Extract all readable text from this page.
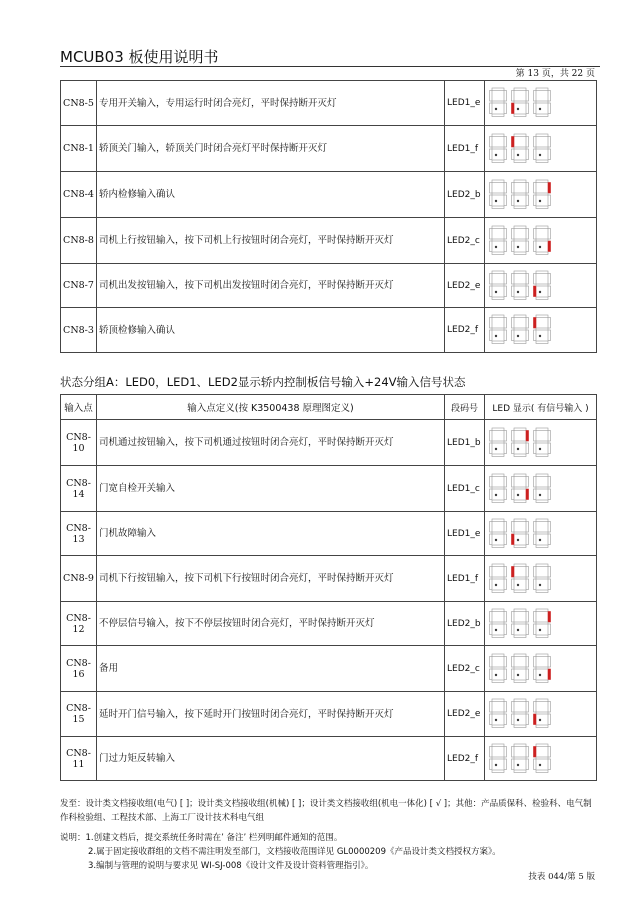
MCUB03 板使用说明书
第 13 页，共 22 页
CN8-5	专用开关输入，专用运行时闭合亮灯，平时保持断开灭灯	LED1_e	

CN8-1	轿顶关门输入，轿顶关门时闭合亮灯平时保持断开灭灯	LED1_f	

CN8-4	轿内检修输入确认	LED2_b	

CN8-8	司机上行按钮输入，按下司机上行按钮时闭合亮灯，平时保持断开灭灯	LED2_c	

CN8-7	司机出发按钮输入，按下司机出发按钮时闭合亮灯，平时保持断开灭灯	LED2_e	

CN8-3	轿顶检修输入确认	LED2_f	
状态分组A：LED0，LED1、LED2显示轿内控制板信号输入+24V输入信号状态
输入点	输入点定义(按 K3500438 原理图定义)	段码号	LED 显示( 有信号输入 )
CN8-10	司机通过按钮输入，按下司机通过按钮时闭合亮灯，平时保持断开灭灯	LED1_b	

CN8-14	门宽自检开关输入	LED1_c	

CN8-13	门机故障输入	LED1_e	

CN8-9	司机下行按钮输入，按下司机下行按钮时闭合亮灯，平时保持断开灭灯	LED1_f	

CN8-12	不停层信号输入，按下不停层按钮时闭合亮灯，平时保持断开灭灯	LED2_b	

CN8-16	备用	LED2_c	

CN8-15	延时开门信号输入，按下延时开门按钮时闭合亮灯，平时保持断开灭灯	LED2_e	

CN8-11	门过力矩反转输入	LED2_f	
发至：设计类文档接收组(电气) [ ]；设计类文档接收组(机械) [ ]；设计类文档接收组(机电一体化) [ √ ]；其他：产品质保科、检验科、电气制作科检验组、工程技术部、上海工厂设计技术科电气组
说明：1.创建文档后，提交系统任务时需在’ 备注’ 栏列明邮件通知的范围。
2.属于固定接收群组的文档不需注明发至部门，文档接收范围详见 GL0000209《产品设计类文档授权方案》。
3.编制与管理的说明与要求见 WI-SJ-008《设计文件及设计资料管理指引》。
技表 044/第 5 版
